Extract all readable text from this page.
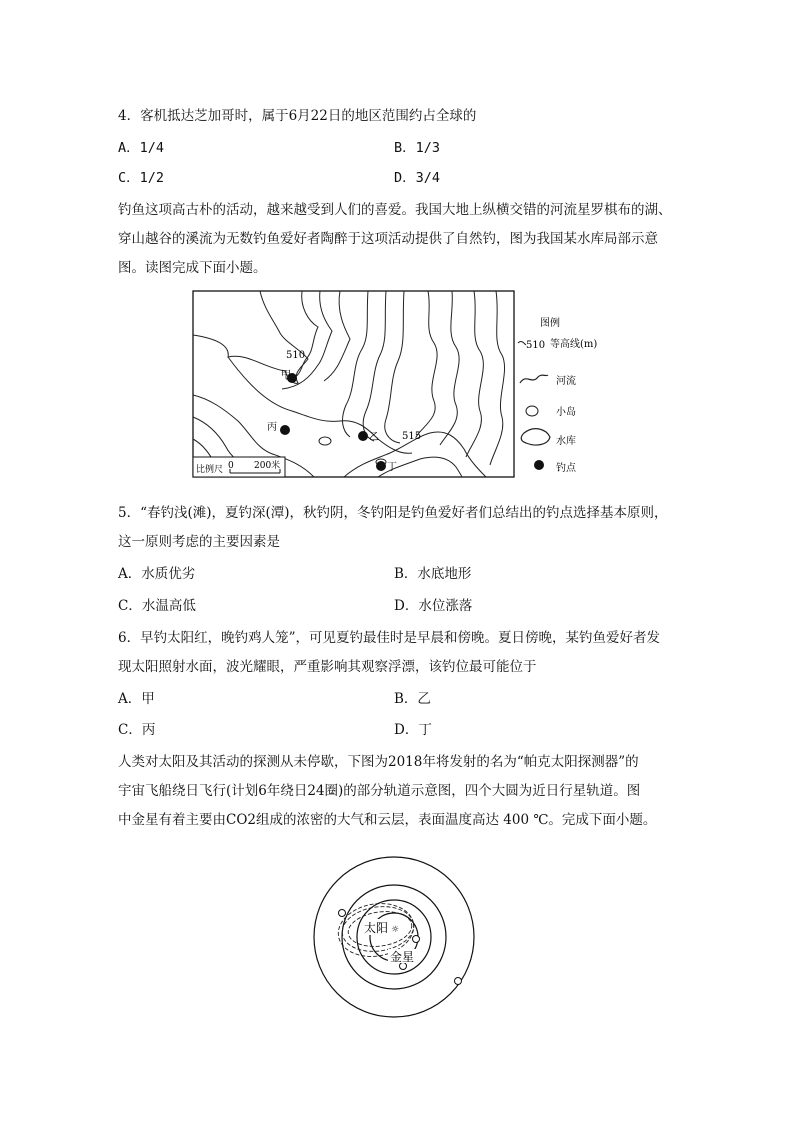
4．客机抵达芝加哥时，属于6月22日的地区范围约占全球的
A．1/4	B．1/3
C．1/2	D．3/4
钓鱼这项高古朴的活动，越来越受到人们的喜爱。我国大地上纵横交错的河流星罗棋布的湖、
穿山越谷的溪流为无数钓鱼爱好者陶醉于这项活动提供了自然钓，图为我国某水库局部示意
图。读图完成下面小题。
510
515
甲
丙
乙
丁
比例尺 0 200米
图例
510 等高线(m)
河流
小岛
水库
钓点
5．“春钓浅(滩)，夏钓深(潭)，秋钓阴，冬钓阳是钓鱼爱好者们总结出的钓点选择基本原则，
这一原则考虑的主要因素是
A．水质优劣	B．水底地形
C．水温高低	D．水位涨落
6．早钓太阳红，晚钓鸡人笼”，可见夏钓最佳时是早晨和傍晚。夏日傍晚，某钓鱼爱好者发
现太阳照射水面，波光耀眼，严重影响其观察浮漂，该钓位最可能位于
A．甲	B．乙
C．丙	D．丁
人类对太阳及其活动的探测从未停歇，下图为2018年将发射的名为“帕克太阳探测器”的
宇宙飞船绕日飞行(计划6年绕日24圈)的部分轨道示意图，四个大圆为近日行星轨道。图
中金星有着主要由CO2组成的浓密的大气和云层，表面温度高达 400 ℃。完成下面小题。
太阳 ☼
金星
